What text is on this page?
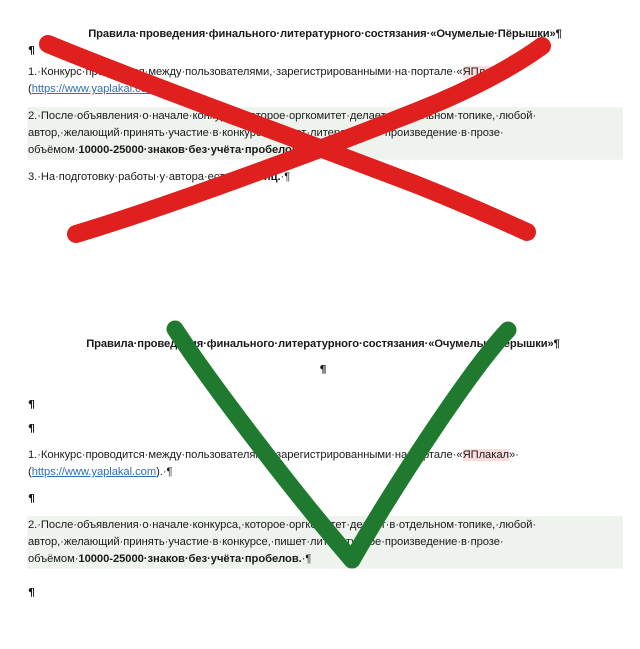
Правила·проведения·финального·литературного·состязания·«Очумелые·Пёрышки»¶
¶
1.·Конкурс·проводится·между·пользователями,·зарегистрированными·на·портале·«ЯПлакал»·
(https://www.yaplakal.com).·¶
2.·После·объявления·о·начале·конкурса,·которое·оргкомитет·делает·в·отдельном·топике,·любой·
автор,·желающий·принять·участие·в·конкурсе,·пишет·литературное·произведение·в·прозе·
объёмом·10000-25000·знаков·без·учёта·пробелов.·¶
3.·На·подготовку·работы·у·автора·есть·1·месяц.·¶
Правила·проведения·финального·литературного·состязания·«Очумелые·Пёрышки»¶
¶
¶
¶
1.·Конкурс·проводится·между·пользователями,·зарегистрированными·на·портале·«ЯПлакал»·
(https://www.yaplakal.com).·¶
¶
2.·После·объявления·о·начале·конкурса,·которое·оргкомитет·делает·в·отдельном·топике,·любой·
автор,·желающий·принять·участие·в·конкурсе,·пишет·литературное·произведение·в·прозе·
объёмом·10000-25000·знаков·без·учёта·пробелов.·¶
¶
